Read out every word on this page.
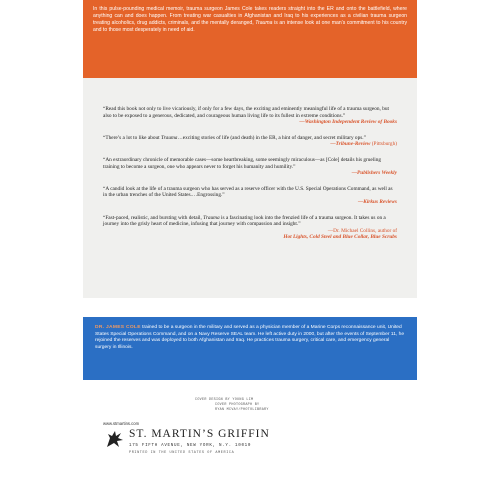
In this pulse-pounding medical memoir, trauma surgeon James Cole takes readers straight into the ER and onto the battlefield, where anything can and does happen. From treating war casualties in Afghanistan and Iraq to his experiences as a civilian trauma surgeon treating alcoholics, drug addicts, criminals, and the mentally deranged, Trauma is an intense look at one man’s commitment to his country and to those most desperately in need of aid.

“Read this book not only to live vicariously, if only for a few days, the exciting and eminently meaningful life of a trauma surgeon, but also to be exposed to a generous, dedicated, and courageous human living life to its fullest in extreme conditions.”
—Washington Independent Review of Books
“There’s a lot to like about Trauma…exciting stories of life (and death) in the ER, a hint of danger, and secret military ops.”
—Tribune-Review (Pittsburgh)
“An extraordinary chronicle of memorable cases—some heartbreaking, some seemingly miraculous—as [Cole] details his grueling training to become a surgeon, one who appears never to forget his humanity and humility.”
—Publishers Weekly
“A candid look at the life of a trauma surgeon who has served as a reserve officer with the U.S. Special Operations Command, as well as in the urban trenches of the United States.…Engrossing.”
—Kirkus Reviews
“Fast-paced, realistic, and bursting with detail, Trauma is a fascinating look into the frenzied life of a trauma surgeon. It takes us on a journey into the grisly heart of medicine, infusing that journey with compassion and insight.”
—Dr. Michael Collins, author of
Hot Lights, Cold Steel and Blue Collar, Blue Scrubs

DR. JAMES COLE trained to be a surgeon in the military and served as a physician member of a Marine Corps reconnaissance unit, United States Special Operations Command, and on a Navy Reserve SEAL team. He left active duty in 2000, but after the events of September 11, he rejoined the reserves and was deployed to both Afghanistan and Iraq. He practices trauma surgery, critical care, and emergency general surgery in Illinois.

COVER DESIGN BY YOUNG LIM
COVER PHOTOGRAPH BY
RYAN MCVAY/PHOTOLIBRARY
www.stmartins.com
ST. MARTIN’S GRIFFIN
175 FIFTH AVENUE, NEW YORK, N.Y. 10010
PRINTED IN THE UNITED STATES OF AMERICA
